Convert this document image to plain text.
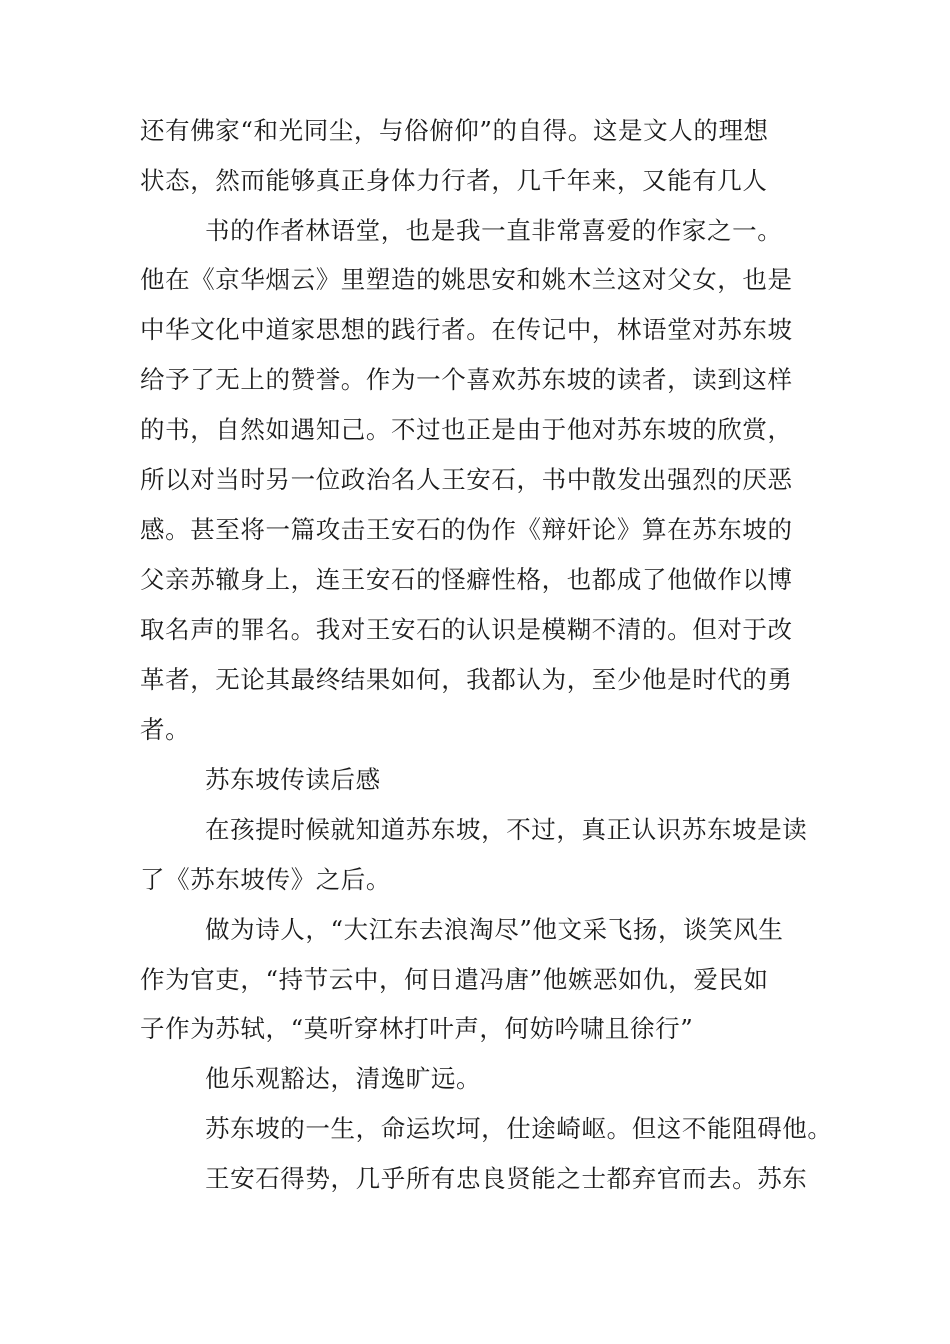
还有佛家“和光同尘，与俗俯仰”的自得。这是文人的理想
状态，然而能够真正身体力行者，几千年来，又能有几人
书的作者林语堂，也是我一直非常喜爱的作家之一。
他在《京华烟云》里塑造的姚思安和姚木兰这对父女，也是
中华文化中道家思想的践行者。在传记中，林语堂对苏东坡
给予了无上的赞誉。作为一个喜欢苏东坡的读者，读到这样
的书，自然如遇知己。不过也正是由于他对苏东坡的欣赏，
所以对当时另一位政治名人王安石，书中散发出强烈的厌恶
感。甚至将一篇攻击王安石的伪作《辩奸论》算在苏东坡的
父亲苏辙身上，连王安石的怪癖性格，也都成了他做作以博
取名声的罪名。我对王安石的认识是模糊不清的。但对于改
革者，无论其最终结果如何，我都认为，至少他是时代的勇
者。
苏东坡传读后感
在孩提时候就知道苏东坡，不过，真正认识苏东坡是读
了《苏东坡传》之后。
做为诗人，“大江东去浪淘尽”他文采飞扬，谈笑风生
作为官吏，“持节云中，何日遣冯唐”他嫉恶如仇，爱民如
子作为苏轼，“莫听穿林打叶声，何妨吟啸且徐行”
他乐观豁达，清逸旷远。
苏东坡的一生，命运坎坷，仕途崎岖。但这不能阻碍他。
王安石得势，几乎所有忠良贤能之士都弃官而去。苏东
